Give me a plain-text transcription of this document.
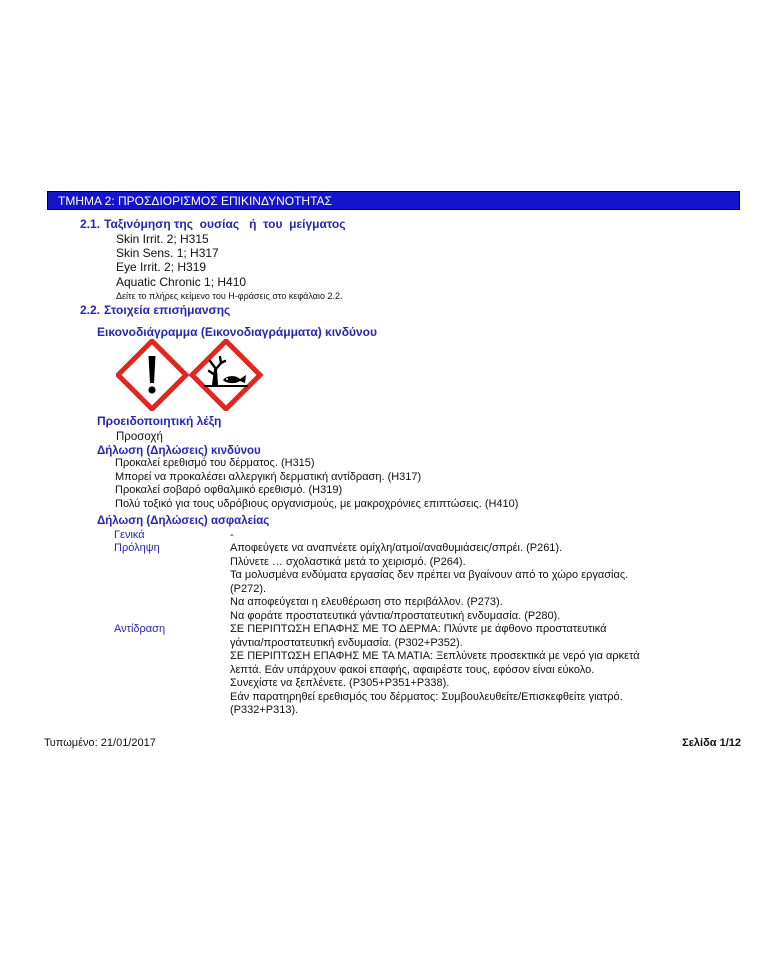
ΤΜΗΜΑ 2: ΠΡΟΣΔΙΟΡΙΣΜΟΣ ΕΠΙΚΙΝΔΥΝΟΤΗΤΑΣ
2.1. Ταξινόμηση της  ουσίας   ή  του  μείγματος
Skin Irrit. 2; H315
Skin Sens. 1; H317
Eye Irrit. 2; H319
Aquatic Chronic 1; H410
Δείτε το πλήρες κείμενο του H-φράσεις στο κεφάλαιο 2.2.
2.2. Στοιχεία επισήμανσης
Εικονοδιάγραμμα (Εικονοδιαγράμματα) κινδύνου
Προειδοποιητική λέξη
Προσοχή
Δήλωση (Δηλώσεις) κινδύνου
Προκαλεί ερεθισμό του δέρματος. (H315)
Μπορεί να προκαλέσει αλλεργική δερματική αντίδραση. (H317)
Προκαλεί σοβαρό οφθαλμικό ερεθισμό. (H319)
Πολύ τοξικό για τους υδρόβιους οργανισμούς, με μακροχρόνιες επιπτώσεις. (H410)
Δήλωση (Δηλώσεις) ασφαλείας
Γενικά	-
Πρόληψη	Αποφεύγετε να αναπνέετε ομίχλη/ατμοί/αναθυμιάσεις/σπρέι. (P261).
Πλύνετε … σχολαστικά μετά το χειρισμό. (P264).
Τα μολυσμένα ενδύματα εργασίας δεν πρέπει να βγαίνουν από το χώρο εργασίας.
(P272).
Να αποφεύγεται η ελευθέρωση στο περιβάλλον. (P273).
Να φοράτε προστατευτικά γάντια/προστατευτική ενδυμασία. (P280).
Αντίδραση	ΣΕ ΠΕΡΙΠΤΩΣΗ ΕΠΑΦΗΣ ΜΕ ΤΟ ΔΕΡΜΑ: Πλύντε με άφθονο προστατευτικά
γάντια/προστατευτική ενδυμασία. (P302+P352).
ΣΕ ΠΕΡΙΠΤΩΣΗ ΕΠΑΦΗΣ ΜΕ ΤΑ ΜΑΤΙΑ: Ξεπλύνετε προσεκτικά με νερό για αρκετά
λεπτά. Εάν υπάρχουν φακοί επαφής, αφαιρέστε τους, εφόσον είναι εύκολο.
Συνεχίστε να ξεπλένετε. (P305+P351+P338).
Εάν παρατηρηθεί ερεθισμός του δέρματος: Συμβουλευθείτε/Επισκεφθείτε γιατρό.
(P332+P313).
Τυπωμένο: 21/01/2017	Σελίδα 1/12
